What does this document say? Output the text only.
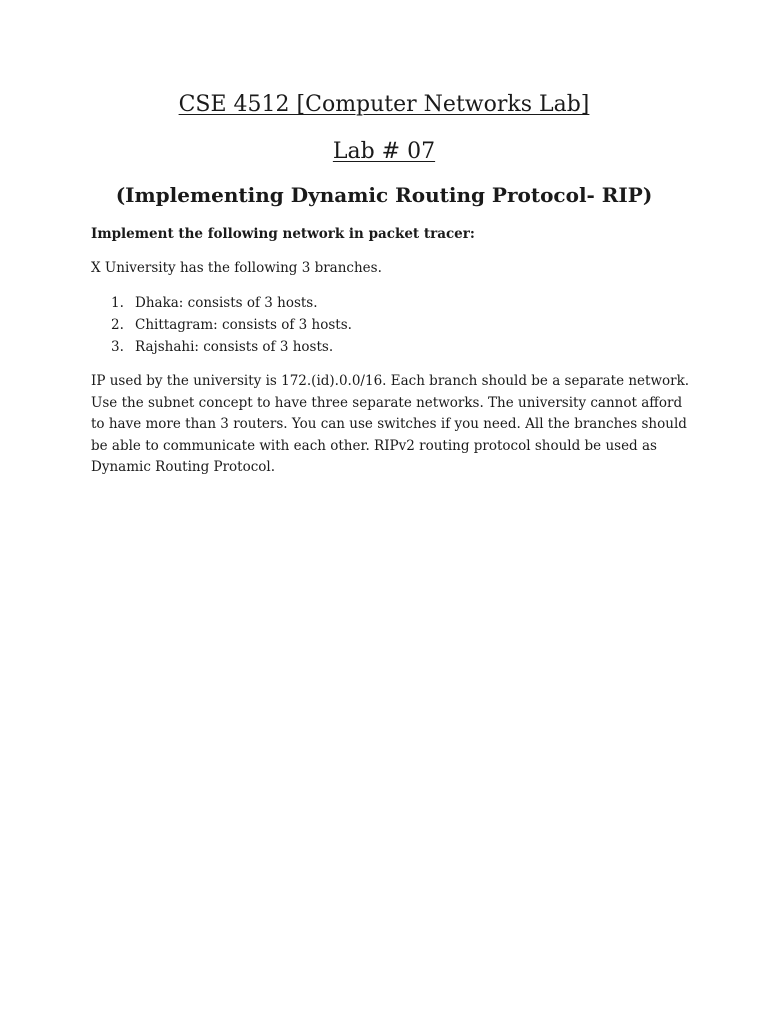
CSE 4512 [Computer Networks Lab]
Lab # 07
(Implementing Dynamic Routing Protocol- RIP)
Implement the following network in packet tracer:
X University has the following 3 branches.
1. Dhaka: consists of 3 hosts.
2. Chittagram: consists of 3 hosts.
3. Rajshahi: consists of 3 hosts.

IP used by the university is 172.(id).0.0/16. Each branch should be a separate network. Use the subnet concept to have three separate networks. The university cannot afford to have more than 3 routers. You can use switches if you need. All the branches should be able to communicate with each other. RIPv2 routing protocol should be used as Dynamic Routing Protocol.
